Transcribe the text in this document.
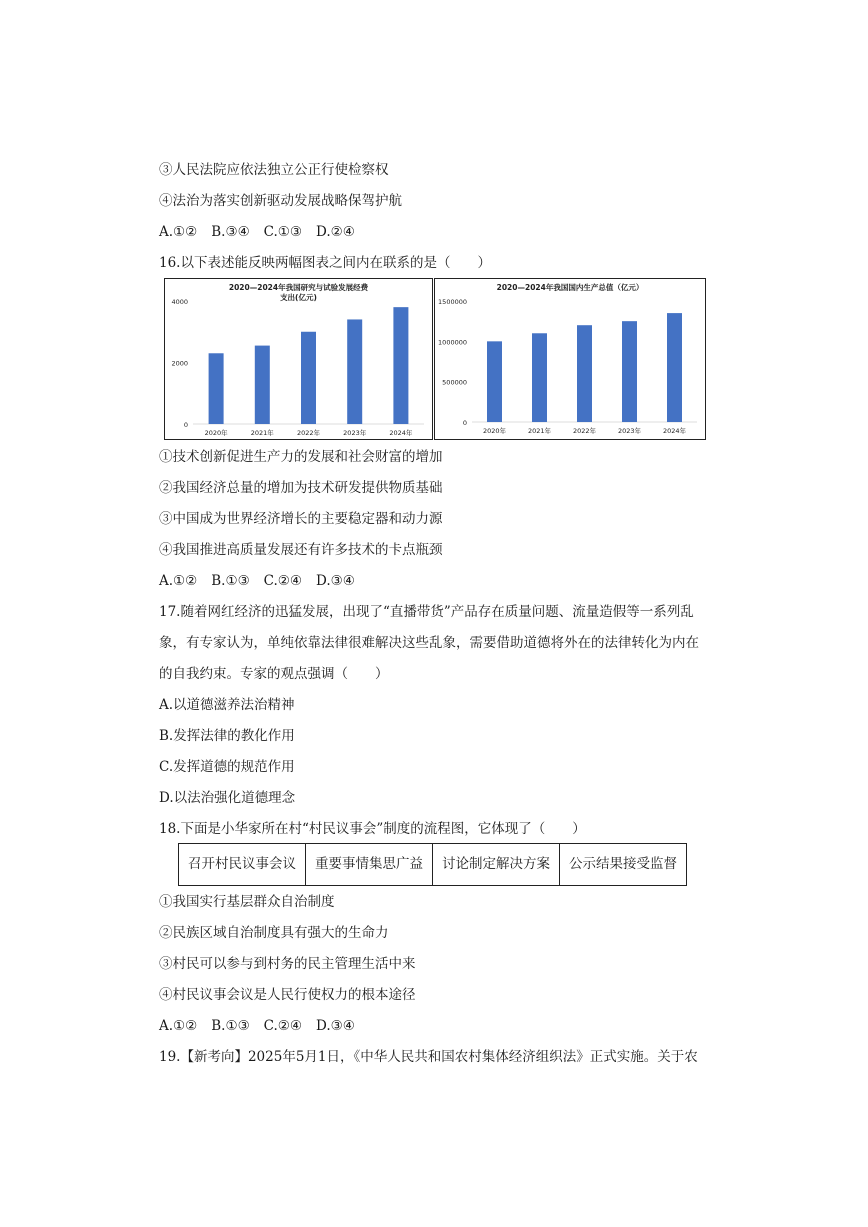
③人民法院应依法独立公正行使检察权
④法治为落实创新驱动发展战略保驾护航
A.①② B.③④ C.①③ D.②④
16.以下表述能反映两幅图表之间内在联系的是（　　）
2020—2024年我国研究与试验发展经费
支出(亿元)
0
2000
4000
2020年	2021年	2022年	2023年	2024年
2020—2024年我国国内生产总值（亿元）
0
500000
1000000
1500000
2020年	2021年	2022年	2023年	2024年
①技术创新促进生产力的发展和社会财富的增加
②我国经济总量的增加为技术研发提供物质基础
③中国成为世界经济增长的主要稳定器和动力源
④我国推进高质量发展还有许多技术的卡点瓶颈
A.①② B.①③ C.②④ D.③④
17.随着网红经济的迅猛发展，出现了“直播带货”产品存在质量问题、流量造假等一系列乱
象，有专家认为，单纯依靠法律很难解决这些乱象，需要借助道德将外在的法律转化为内在
的自我约束。专家的观点强调（　　）
A.以道德滋养法治精神
B.发挥法律的教化作用
C.发挥道德的规范作用
D.以法治强化道德理念
18.下面是小华家所在村“村民议事会”制度的流程图，它体现了（　　）
召开村民议事会议	重要事情集思广益	讨论制定解决方案	公示结果接受监督
①我国实行基层群众自治制度
②民族区域自治制度具有强大的生命力
③村民可以参与到村务的民主管理生活中来
④村民议事会议是人民行使权力的根本途径
A.①② B.①③ C.②④ D.③④
19.【新考向】2025年5月1日，《中华人民共和国农村集体经济组织法》正式实施。关于农
